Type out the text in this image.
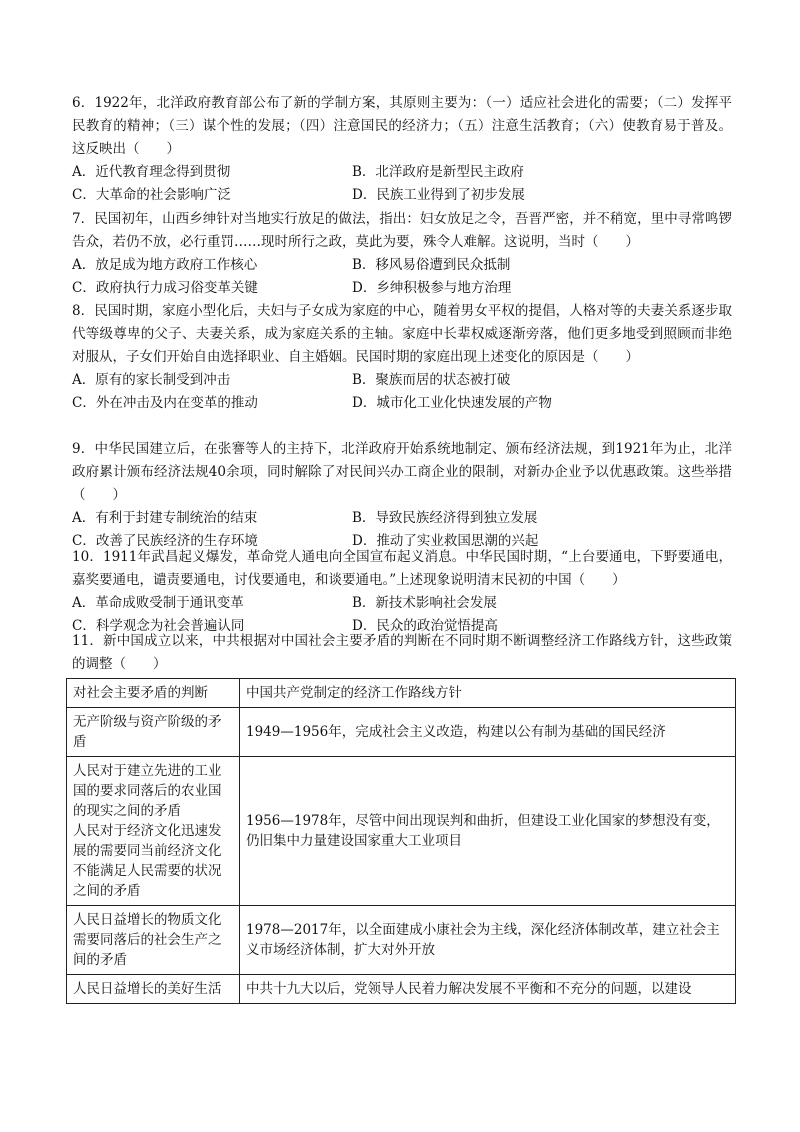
6．1922年，北洋政府教育部公布了新的学制方案，其原则主要为：（一）适应社会进化的需要；（二）发挥平民教育的精神；（三）谋个性的发展；（四）注意国民的经济力；（五）注意生活教育；（六）使教育易于普及。这反映出（　　）

A．近代教育理念得到贯彻	B．北洋政府是新型民主政府
C．大革命的社会影响广泛	D．民族工业得到了初步发展

7．民国初年，山西乡绅针对当地实行放足的做法，指出：妇女放足之令，吾晋严密，并不稍宽，里中寻常鸣锣告众，若仍不放，必行重罚……现时所行之政，莫此为要，殊令人难解。这说明，当时（　　）

A．放足成为地方政府工作核心	B．移风易俗遭到民众抵制
C．政府执行力成习俗变革关键	D．乡绅积极参与地方治理

8．民国时期，家庭小型化后，夫妇与子女成为家庭的中心，随着男女平权的提倡，人格对等的夫妻关系逐步取代等级尊卑的父子、夫妻关系，成为家庭关系的主轴。家庭中长辈权威逐渐旁落，他们更多地受到照顾而非绝对服从，子女们开始自由选择职业、自主婚姻。民国时期的家庭出现上述变化的原因是（　　）

A．原有的家长制受到冲击	B．聚族而居的状态被打破
C．外在冲击及内在变革的推动	D．城市化工业化快速发展的产物

9．中华民国建立后，在张謇等人的主持下，北洋政府开始系统地制定、颁布经济法规，到1921年为止，北洋政府累计颁布经济法规40余项，同时解除了对民间兴办工商企业的限制，对新办企业予以优惠政策。这些举措（　　）

A．有利于封建专制统治的结束	B．导致民族经济得到独立发展
C．改善了民族经济的生存环境	D．推动了实业救国思潮的兴起

10．1911年武昌起义爆发，革命党人通电向全国宣布起义消息。中华民国时期，“上台要通电，下野要通电，嘉奖要通电，谴责要通电，讨伐要通电，和谈要通电。”上述现象说明清末民初的中国（　　）

A．革命成败受制于通讯变革	B．新技术影响社会发展
C．科学观念为社会普遍认同	D．民众的政治觉悟提高

11．新中国成立以来，中共根据对中国社会主要矛盾的判断在不同时期不断调整经济工作路线方针，这些政策的调整（　　）

对社会主要矛盾的判断	中国共产党制定的经济工作路线方针
无产阶级与资产阶级的矛盾	1949—1956年，完成社会主义改造，构建以公有制为基础的国民经济
人民对于建立先进的工业国的要求同落后的农业国的现实之间的矛盾
人民对于经济文化迅速发展的需要同当前经济文化不能满足人民需要的状况之间的矛盾	1956—1978年，尽管中间出现误判和曲折，但建设工业化国家的梦想没有变，仍旧集中力量建设国家重大工业项目
人民日益增长的物质文化需要同落后的社会生产之间的矛盾	1978—2017年，以全面建成小康社会为主线，深化经济体制改革，建立社会主义市场经济体制，扩大对外开放
人民日益增长的美好生活	中共十九大以后，党领导人民着力解决发展不平衡和不充分的问题，以建设
